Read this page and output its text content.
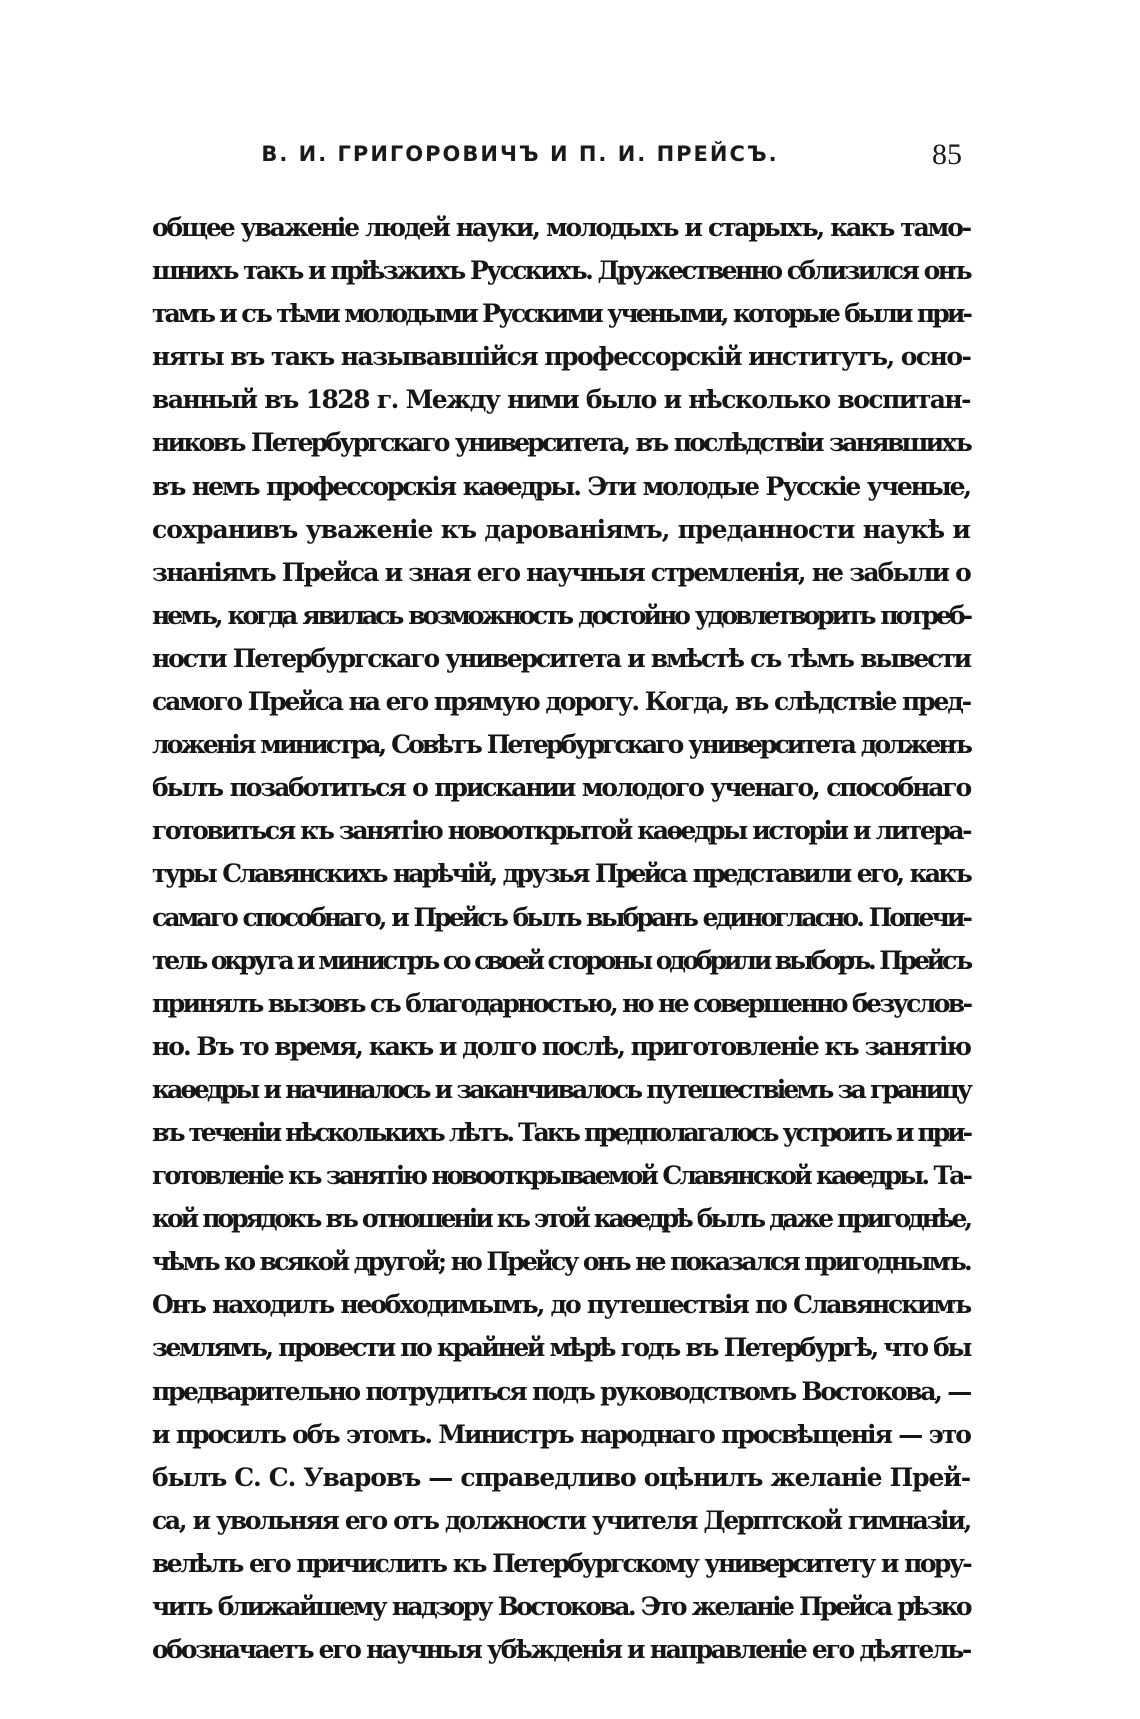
В. И. ГРИГОРОВИЧЪ И П. И. ПРЕЙСЪ.	85
общее уваженіе людей науки, молодыхъ и старыхъ, какъ тамо-
шнихъ такъ и пріѣзжихъ Русскихъ. Дружественно сблизился онъ
тамъ и съ тѣми молодыми Русскими учеными, которые были при-
няты въ такъ называвшійся профессорскій институтъ, осно-
ванный въ 1828 г. Между ними было и нѣсколько воспитан-
никовъ Петербургскаго университета, въ послѣдствіи занявшихъ
въ немъ профессорскія каѳедры. Эти молодые Русскіе ученые,
сохранивъ уваженіе къ дарованіямъ, преданности наукѣ и
знаніямъ Прейса и зная его научныя стремленія, не забыли о
немъ, когда явилась возможность достойно удовлетворить потреб-
ности Петербургскаго университета и вмѣстѣ съ тѣмъ вывести
самого Прейса на его прямую дорогу. Когда, въ слѣдствіе пред-
ложенія министра, Совѣтъ Петербургскаго университета долженъ
былъ позаботиться о прискании молодого ученаго, способнаго
готовиться къ занятію новооткрытой каѳедры исторіи и литера-
туры Славянскихъ нарѣчій, друзья Прейса представили его, какъ
самаго способнаго, и Прейсъ былъ выбранъ единогласно. Попечи-
тель округа и министръ со своей стороны одобрили выборъ. Прейсъ
принялъ вызовъ съ благодарностью, но не совершенно безуслов-
но. Въ то время, какъ и долго послѣ, приготовленіе къ занятію
каѳедры и начиналось и заканчивалось путешествіемъ за границу
въ теченіи нѣсколькихъ лѣтъ. Такъ предполагалось устроить и при-
готовленіе къ занятію новооткрываемой Славянской каѳедры. Та-
кой порядокъ въ отношеніи къ этой каѳедрѣ былъ даже пригоднѣе,
чѣмъ ко всякой другой; но Прейсу онъ не показался пригоднымъ.
Онъ находилъ необходимымъ, до путешествія по Славянскимъ
землямъ, провести по крайней мѣрѣ годъ въ Петербургѣ, что бы
предварительно потрудиться подъ руководствомъ Востокова, —
и просилъ объ этомъ. Министръ народнаго просвѣщенія — это
былъ С. С. Уваровъ — справедливо оцѣнилъ желаніе Прей-
са, и увольняя его отъ должности учителя Дерптской гимназіи,
велѣлъ его причислить къ Петербургскому университету и пору-
чить ближайшему надзору Востокова. Это желаніе Прейса рѣзко
обозначаетъ его научныя убѣжденія и направленіе его дѣятель-
